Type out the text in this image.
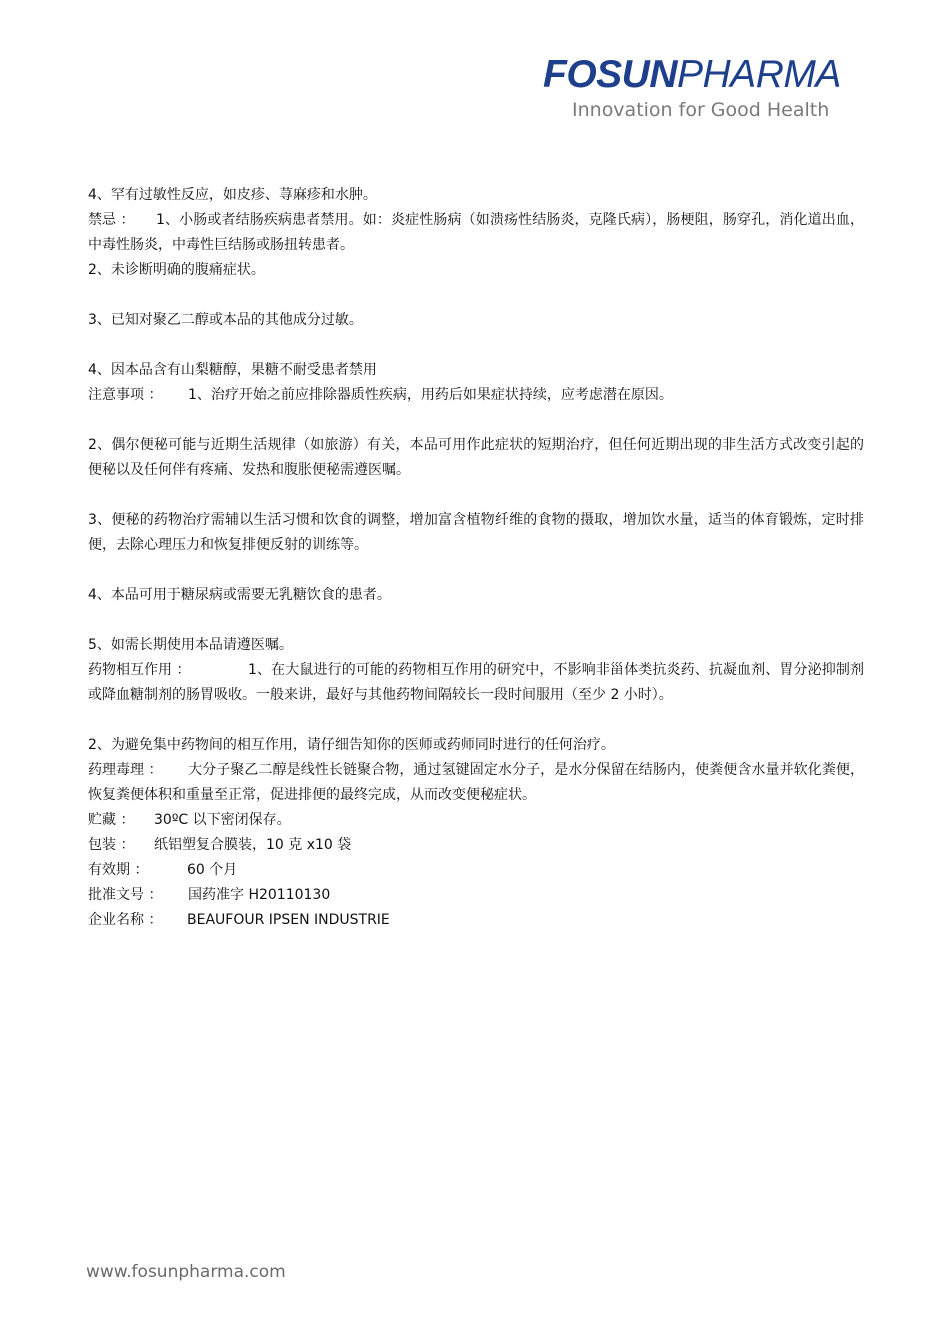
FOSUNPHARMA
Innovation for Good Health

4、罕有过敏性反应，如皮疹、荨麻疹和水肿。

禁忌 ： 1、小肠或者结肠疾病患者禁用。如：炎症性肠病（如溃疡性结肠炎，克隆氏病），肠梗阻，肠穿孔，消化道出血，中毒性肠炎，中毒性巨结肠或肠扭转患者。

2、未诊断明确的腹痛症状。

3、已知对聚乙二醇或本品的其他成分过敏。

4、因本品含有山梨糖醇，果糖不耐受患者禁用

注意事项 ： 1、治疗开始之前应排除器质性疾病，用药后如果症状持续，应考虑潜在原因。

2、偶尔便秘可能与近期生活规律（如旅游）有关，本品可用作此症状的短期治疗，但任何近期出现的非生活方式改变引起的便秘以及任何伴有疼痛、发热和腹胀便秘需遵医嘱。

3、便秘的药物治疗需辅以生活习惯和饮食的调整，增加富含植物纤维的食物的摄取，增加饮水量，适当的体育锻炼，定时排便，去除心理压力和恢复排便反射的训练等。

4、本品可用于糖尿病或需要无乳糖饮食的患者。

5、如需长期使用本品请遵医嘱。

药物相互作用 ：	1、在大鼠进行的可能的药物相互作用的研究中，不影响非甾体类抗炎药、抗凝血剂、胃分泌抑制剂或降血糖制剂的肠胃吸收。一般来讲，最好与其他药物间隔较长一段时间服用（至少 2 小时）。

2、为避免集中药物间的相互作用，请仔细告知你的医师或药师同时进行的任何治疗。

药理毒理 ： 大分子聚乙二醇是线性长链聚合物，通过氢键固定水分子，是水分保留在结肠内，使粪便含水量并软化粪便，恢复粪便体积和重量至正常，促进排便的最终完成，从而改变便秘症状。

贮藏 ： 30ºC 以下密闭保存。

包装 ： 纸铝塑复合膜装，10 克 x10 袋

有效期 ：	60 个月

批准文号 ： 国药准字 H20110130

企业名称 ： BEAUFOUR IPSEN INDUSTRIE

www.fosunpharma.com
